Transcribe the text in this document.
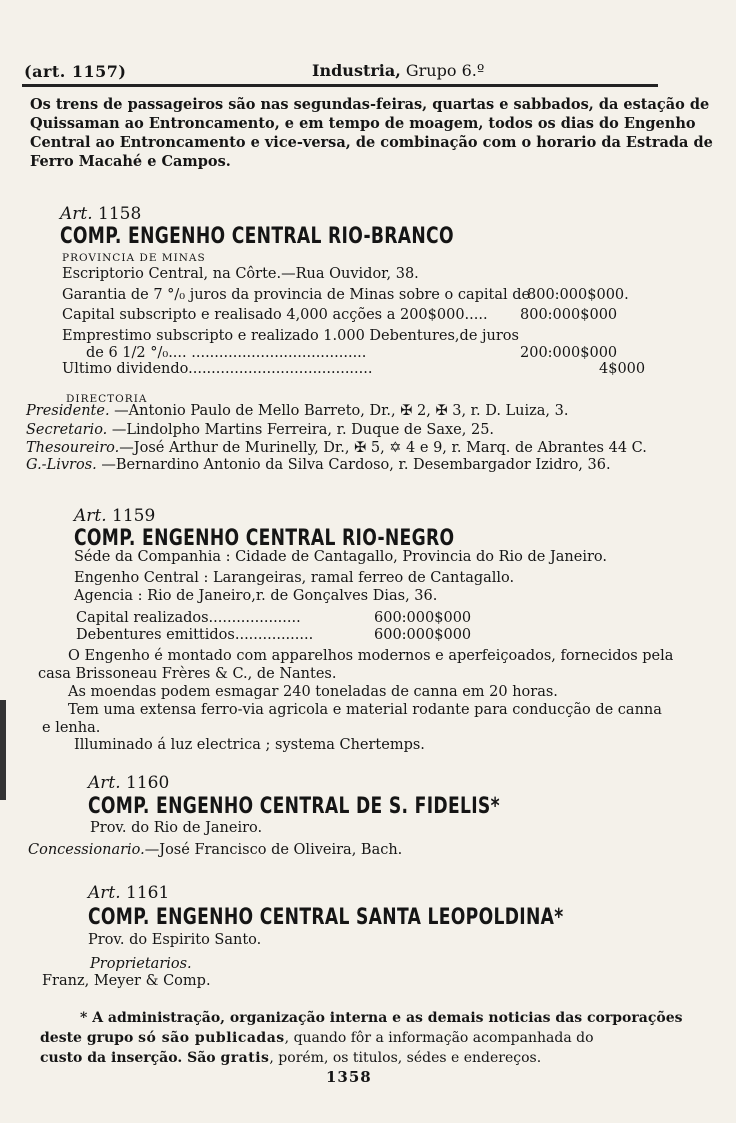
(art. 1157)	Industria, Grupo 6.º
Os trens de passageiros são nas segundas-feiras, quartas e sabbados, da estação de
Quissaman ao Entroncamento, e em tempo de moagem, todos os dias do Engenho
Central ao Entroncamento e vice-versa, de combinação com o horario da Estrada de
Ferro Macahé e Campos.
Art. 1158
COMP. ENGENHO CENTRAL RIO-BRANCO
PROVINCIA DE MINAS
Escriptorio Central, na Côrte.—Rua Ouvidor, 38.
Garantia de 7 °/₀ juros da provincia de Minas sobre o capital de
800:000$000.
Capital subscripto e realisado 4,000 acções a 200$000..... 800:000$000
Emprestimo subscripto e realizado 1.000 Debentures,de juros
de 6 1/2 °/₀.... ......................................	200:000$000
Ultimo dividendo........................................	4$000
DIRECTORIA
Presidente. —Antonio Paulo de Mello Barreto, Dr., ✠ 2, ✠ 3, r. D. Luiza, 3.
Secretario. —Lindolpho Martins Ferreira, r. Duque de Saxe, 25.
Thesoureiro.—José Arthur de Murinelly, Dr., ✠ 5, ✡ 4 e 9, r. Marq. de Abrantes 44 C.
G.-Livros. —Bernardino Antonio da Silva Cardoso, r. Desembargador Izidro, 36.
Art. 1159
COMP. ENGENHO CENTRAL RIO-NEGRO
Séde da Companhia : Cidade de Cantagallo, Provincia do Rio de Janeiro.
Engenho Central : Larangeiras, ramal ferreo de Cantagallo.
Agencia : Rio de Janeiro,r. de Gonçalves Dias, 36.
Capital realizados....................	600:000$000
Debentures emittidos.................	600:000$000
O Engenho é montado com apparelhos modernos e aperfeiçoados, fornecidos pela
casa Brissoneau Frères & C., de Nantes.
As moendas podem esmagar 240 toneladas de canna em 20 horas.
Tem uma extensa ferro-via agricola e material rodante para conducção de canna
e lenha.
Illuminado á luz electrica ; systema Chertemps.
Art. 1160
COMP. ENGENHO CENTRAL DE S. FIDELIS*
Prov. do Rio de Janeiro.
Concessionario.—José Francisco de Oliveira, Bach.
Art. 1161
COMP. ENGENHO CENTRAL SANTA LEOPOLDINA*
Prov. do Espirito Santo.
Proprietarios.
Franz, Meyer & Comp.
* A administração, organização interna e as demais noticias das corporações
deste grupo só são publicadas, quando fôr a informação acompanhada do
custo da inserção. São gratis, porém, os titulos, sédes e endereços.
1358
